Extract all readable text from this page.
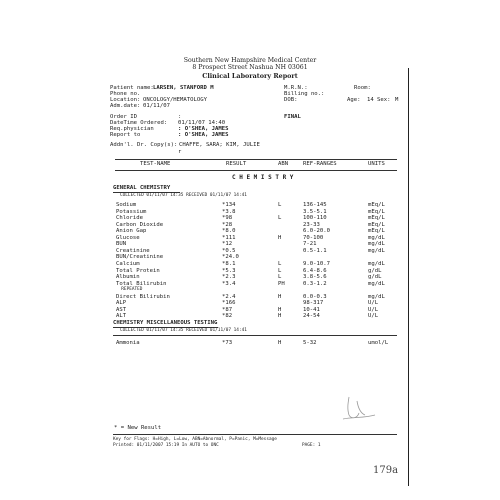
Southern New Hampshire Medical Center
8 Prospect Street Nashua NH 03061
Clinical Laboratory Report
Patient name: LARSEN, STANFORD M
Phone no.
Location: ONCOLOGY/HEMATOLOGY
Adm.date: 01/11/07
M.R.N.:	Room:
Billing no.:
DOB:	Age: 14 Sex: M
Order ID	:	FINAL
DateTime Ordered: 01/11/07 14:40
Req.physician	: O'SHEA, JAMES
Report to	: O'SHEA, JAMES
Addn'l. Dr. Copy(s): CHAFFE, SARA; KIM, JULIE
r
TEST-NAME	RESULT	ABN	REF-RANGES	UNITS
C H E M I S T R Y
GENERAL CHEMISTRY
COLLECTED 01/11/07 14:35 RECEIVED 01/11/07 14:41
Sodium	*134	L	136-145	mEq/L
Potassium	*3.8	3.5-5.1	mEq/L
Chloride	*98	L	100-110	mEq/L
Carbon Dioxide	*28	23-33	mEq/L
Anion Gap	*8.0	6.0-20.0	mEq/L
Glucose	*111	H	70-100	mg/dL
BUN	*12	7-21	mg/dL
Creatinine	*0.5	0.5-1.1	mg/dL
BUN/Creatinine	*24.0
Calcium	*8.1	L	9.0-10.7	mg/dL
Total Protein	*5.3	L	6.4-8.6	g/dL
Albumin	*2.3	L	3.8-5.6	g/dL
Total Bilirubin	*3.4	PH	0.3-1.2	mg/dL
REPEATED
Direct Bilirubin	*2.4	H	0.0-0.3	mg/dL
ALP	*166	98-317	U/L
AST	*87	H	10-41	U/L
ALT	*82	H	24-54	U/L
CHEMISTRY MISCELLANEOUS TESTING
COLLECTED 01/11/07 14:35 RECEIVED 01/11/07 14:41
Ammonia	*73	H	5-32	umol/L
* = New Result
Key for Flags: H=High, L=Low, ABN=Abnormal, P=Panic, M=Message
Printed: 01/11/2007 15:19 In AUTO to ONC	PAGE: 1
179a
